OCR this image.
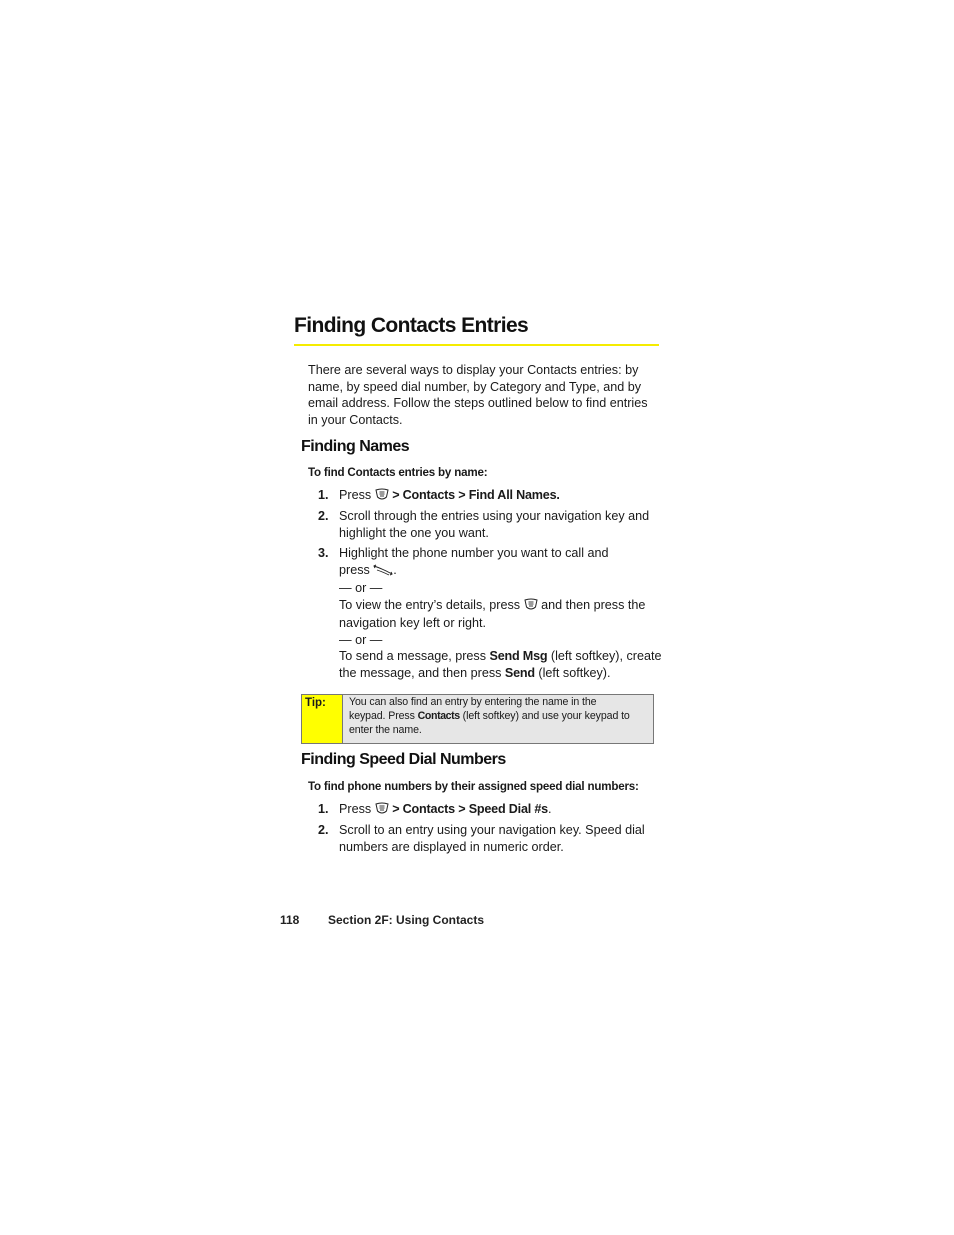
Finding Contacts Entries
There are several ways to display your Contacts entries: by name, by speed dial number, by Category and Type, and by email address. Follow the steps outlined below to find entries in your Contacts.
Finding Names
To find Contacts entries by name:
1. Press > Contacts > Find All Names.
2. Scroll through the entries using your navigation key and
highlight the one you want.
3. Highlight the phone number you want to call and
press .
— or —
To view the entry’s details, press and then press the
navigation key left or right.
— or —
To send a message, press Send Msg (left softkey), create
the message, and then press Send (left softkey).
Tip:	You can also find an entry by entering the name in the
keypad. Press Contacts (left softkey) and use your keypad to
enter the name.
Finding Speed Dial Numbers
To find phone numbers by their assigned speed dial numbers:
1. Press > Contacts > Speed Dial #s.
2. Scroll to an entry using your navigation key. Speed dial
numbers are displayed in numeric order.
118 Section 2F: Using Contacts
